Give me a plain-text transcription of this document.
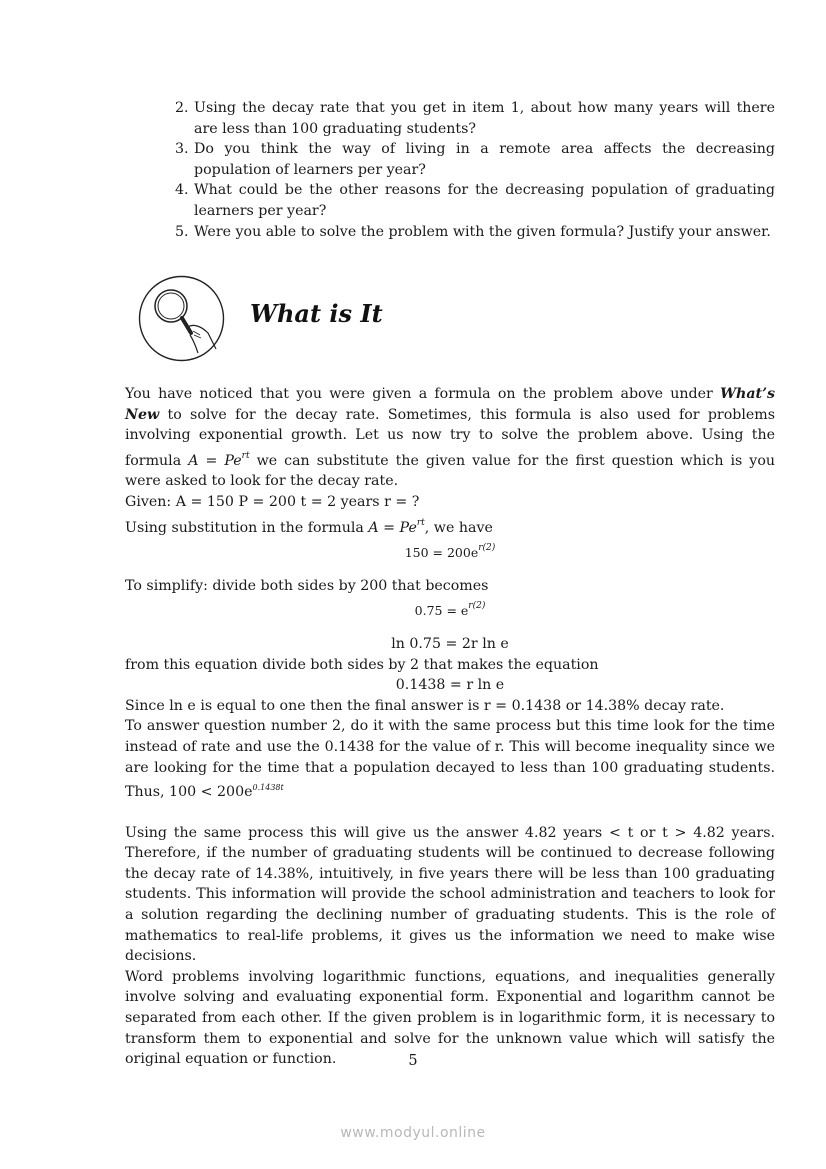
2. Using the decay rate that you get in item 1, about how many years will there are less than 100 graduating students?
3. Do you think the way of living in a remote area affects the decreasing population of learners per year?
4. What could be the other reasons for the decreasing population of graduating learners per year?
5. Were you able to solve the problem with the given formula? Justify your answer.
What is It

You have noticed that you were given a formula on the problem above under What’s New to solve for the decay rate. Sometimes, this formula is also used for problems involving exponential growth. Let us now try to solve the problem above. Using the formula $A = Pe^{rt}$ we can substitute the given value for the first question which is you were asked to look for the decay rate.

Given: A = 150 P = 200 t = 2 years r = ?

Using substitution in the formula $A = Pe^{rt}$, we have

$150 = 200e^{r(2)}$

To simplify: divide both sides by 200 that becomes

$0.75 = e^{r(2)}$

ln 0.75 = 2r ln e

from this equation divide both sides by 2 that makes the equation

0.1438 = r ln e

Since ln e is equal to one then the final answer is r = 0.1438 or 14.38% decay rate.

To answer question number 2, do it with the same process but this time look for the time instead of rate and use the 0.1438 for the value of r. This will become inequality since we are looking for the time that a population decayed to less than 100 graduating students. Thus, $100 < 200e^{0.1438t}$

Using the same process this will give us the answer 4.82 years < t or t > 4.82 years. Therefore, if the number of graduating students will be continued to decrease following the decay rate of 14.38%, intuitively, in five years there will be less than 100 graduating students. This information will provide the school administration and teachers to look for a solution regarding the declining number of graduating students. This is the role of mathematics to real-life problems, it gives us the information we need to make wise decisions.

Word problems involving logarithmic functions, equations, and inequalities generally involve solving and evaluating exponential form. Exponential and logarithm cannot be separated from each other. If the given problem is in logarithmic form, it is necessary to transform them to exponential and solve for the unknown value which will satisfy the original equation or function.	5
www.modyul.online
